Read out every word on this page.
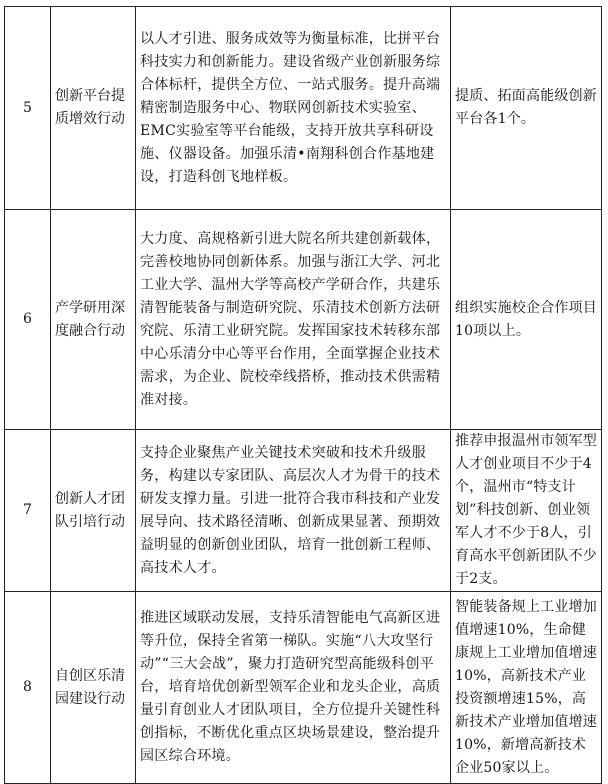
5	创新平台提质增效行动	以人才引进、服务成效等为衡量标准，比拼平台科技实力和创新能力。建设省级产业创新服务综合体标杆，提供全方位、一站式服务。提升高端精密制造服务中心、物联网创新技术实验室、EMC实验室等平台能级，支持开放共享科研设施、仪器设备。加强乐清•南翔科创合作基地建设，打造科创飞地样板。	提质、拓面高能级创新平台各1个。
6	产学研用深度融合行动	大力度、高规格新引进大院名所共建创新载体，完善校地协同创新体系。加强与浙江大学、河北工业大学、温州大学等高校产学研合作，共建乐清智能装备与制造研究院、乐清技术创新方法研究院、乐清工业研究院。发挥国家技术转移东部中心乐清分中心等平台作用，全面掌握企业技术需求，为企业、院校牵线搭桥，推动技术供需精准对接。	组织实施校企合作项目10项以上。
7	创新人才团队引培行动	支持企业聚焦产业关键技术突破和技术升级服务，构建以专家团队、高层次人才为骨干的技术研发支撑力量。引进一批符合我市科技和产业发展导向、技术路径清晰、创新成果显著、预期效益明显的创新创业团队，培育一批创新工程师、高技术人才。	推荐申报温州市领军型人才创业项目不少于4个，温州市“特支计划”科技创新、创业领军人才不少于8人，引育高水平创新团队不少于2支。
8	自创区乐清园建设行动	推进区域联动发展，支持乐清智能电气高新区进等升位，保持全省第一梯队。实施“八大攻坚行动”“三大会战”，聚力打造研究型高能级科创平台，培育培优创新型领军企业和龙头企业，高质量引育创业人才团队项目，全方位提升关键性科创指标，不断优化重点区块场景建设，整治提升园区综合环境。	智能装备规上工业增加值增速10%，生命健康规上工业增加值增速10%，高新技术产业投资额增速15%，高新技术产业增加值增速10%，新增高新技术企业50家以上。
